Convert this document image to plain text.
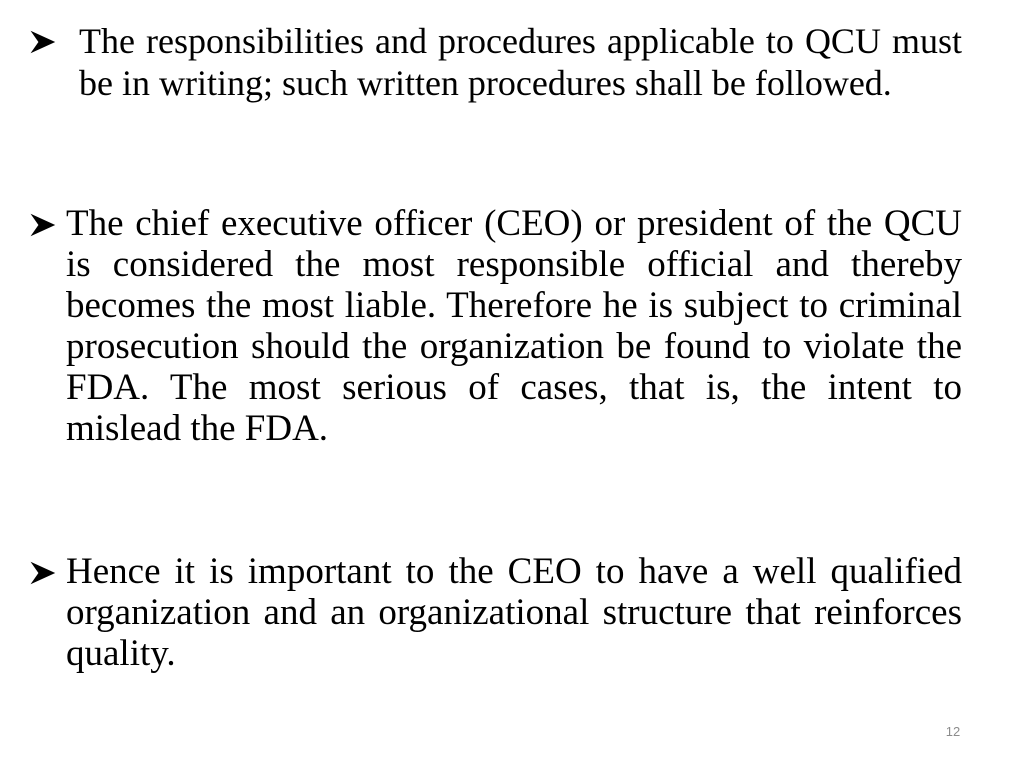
The responsibilities and procedures applicable to QCU must be in writing; such written procedures shall be followed.

The chief executive officer (CEO) or president of the QCU is considered the most responsible official and thereby becomes the most liable. Therefore he is subject to criminal prosecution should the organization be found to violate the FDA. The most serious of cases, that is, the intent to mislead the FDA.

Hence it is important to the CEO to have a well qualified organization and an organizational structure that reinforces quality.

12
